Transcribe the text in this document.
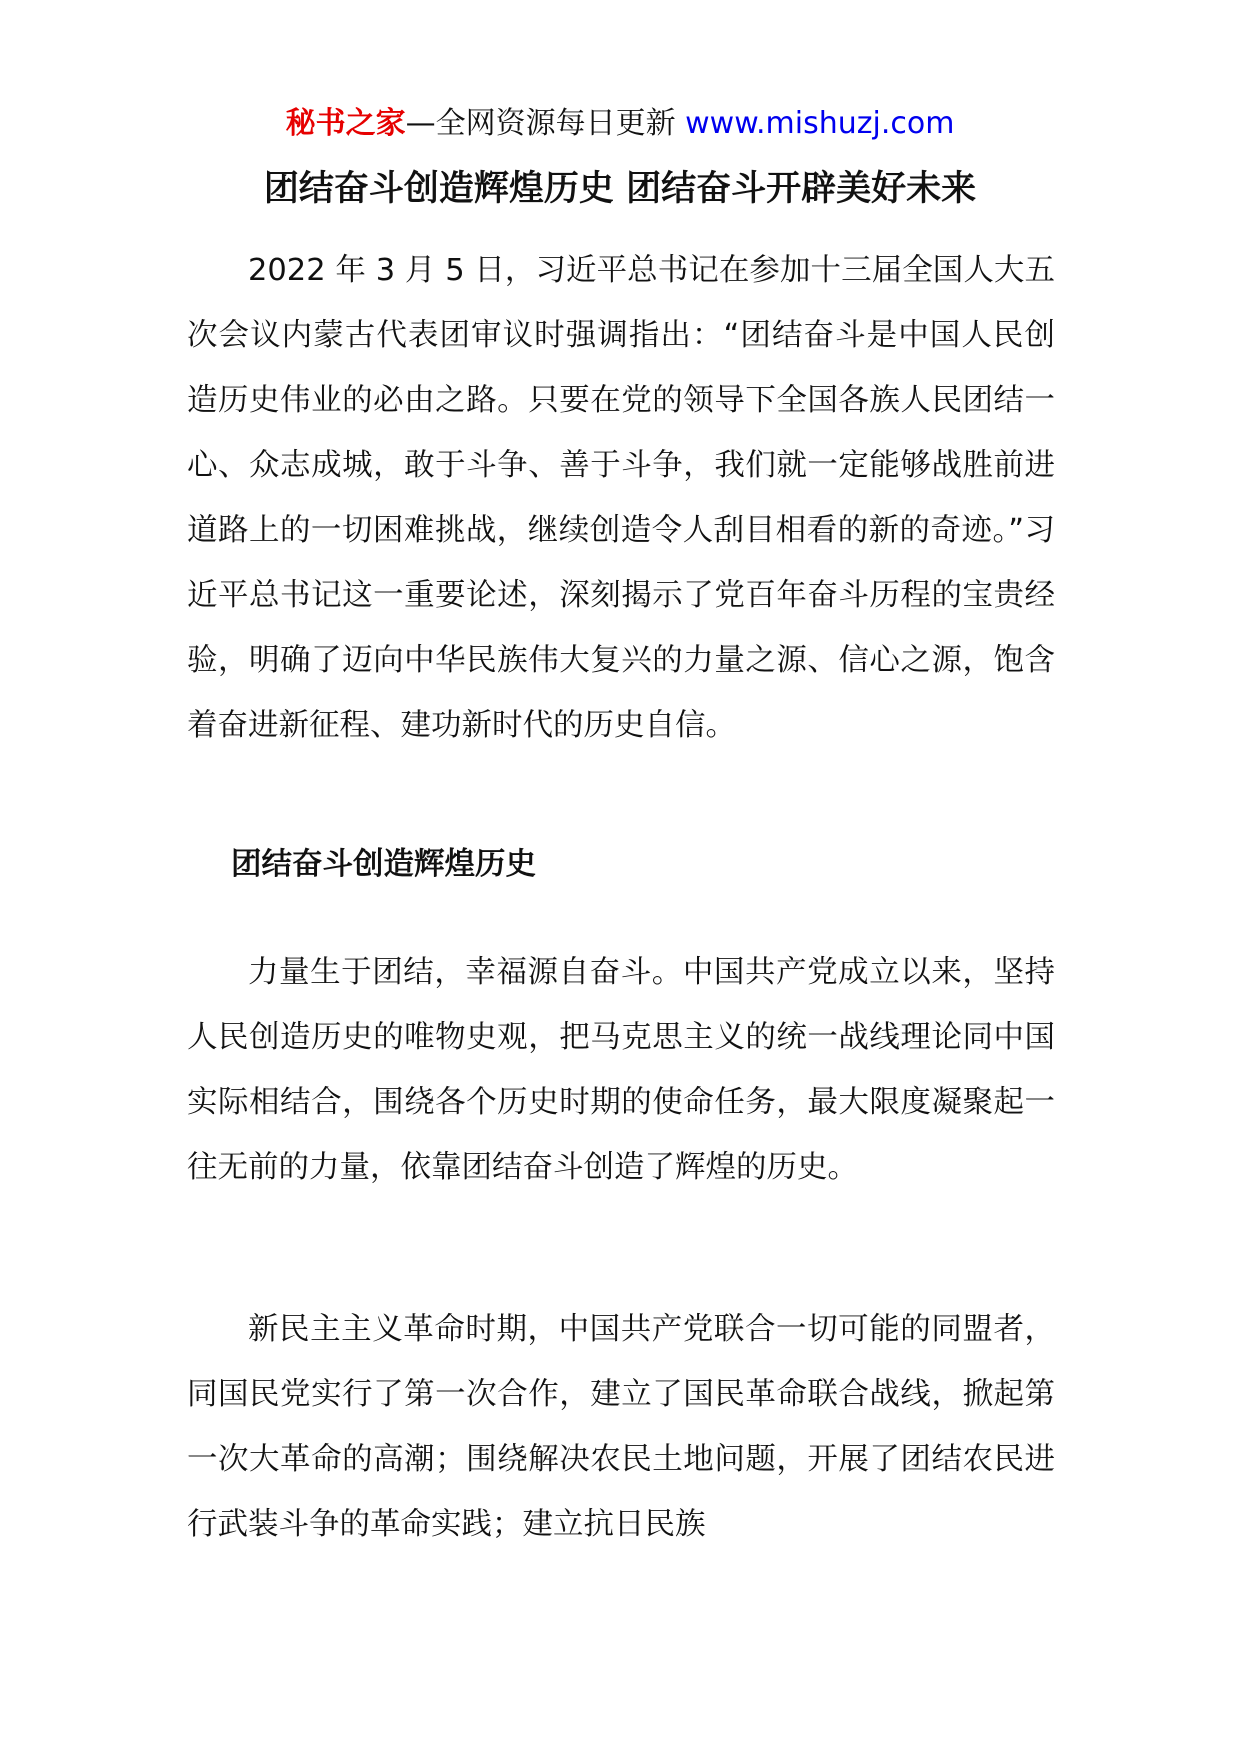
秘书之家—全网资源每日更新 www.mishuzj.com
团结奋斗创造辉煌历史 团结奋斗开辟美好未来

2022 年 3 月 5 日，习近平总书记在参加十三届全国人大五次会议内蒙古代表团审议时强调指出：“团结奋斗是中国人民创造历史伟业的必由之路。只要在党的领导下全国各族人民团结一心、众志成城，敢于斗争、善于斗争，我们就一定能够战胜前进道路上的一切困难挑战，继续创造令人刮目相看的新的奇迹。”习近平总书记这一重要论述，深刻揭示了党百年奋斗历程的宝贵经验，明确了迈向中华民族伟大复兴的力量之源、信心之源，饱含着奋进新征程、建功新时代的历史自信。

团结奋斗创造辉煌历史

力量生于团结，幸福源自奋斗。中国共产党成立以来，坚持人民创造历史的唯物史观，把马克思主义的统一战线理论同中国实际相结合，围绕各个历史时期的使命任务，最大限度凝聚起一往无前的力量，依靠团结奋斗创造了辉煌的历史。

新民主主义革命时期，中国共产党联合一切可能的同盟者，同国民党实行了第一次合作，建立了国民革命联合战线，掀起第一次大革命的高潮；围绕解决农民土地问题，开展了团结农民进行武装斗争的革命实践；建立抗日民族
